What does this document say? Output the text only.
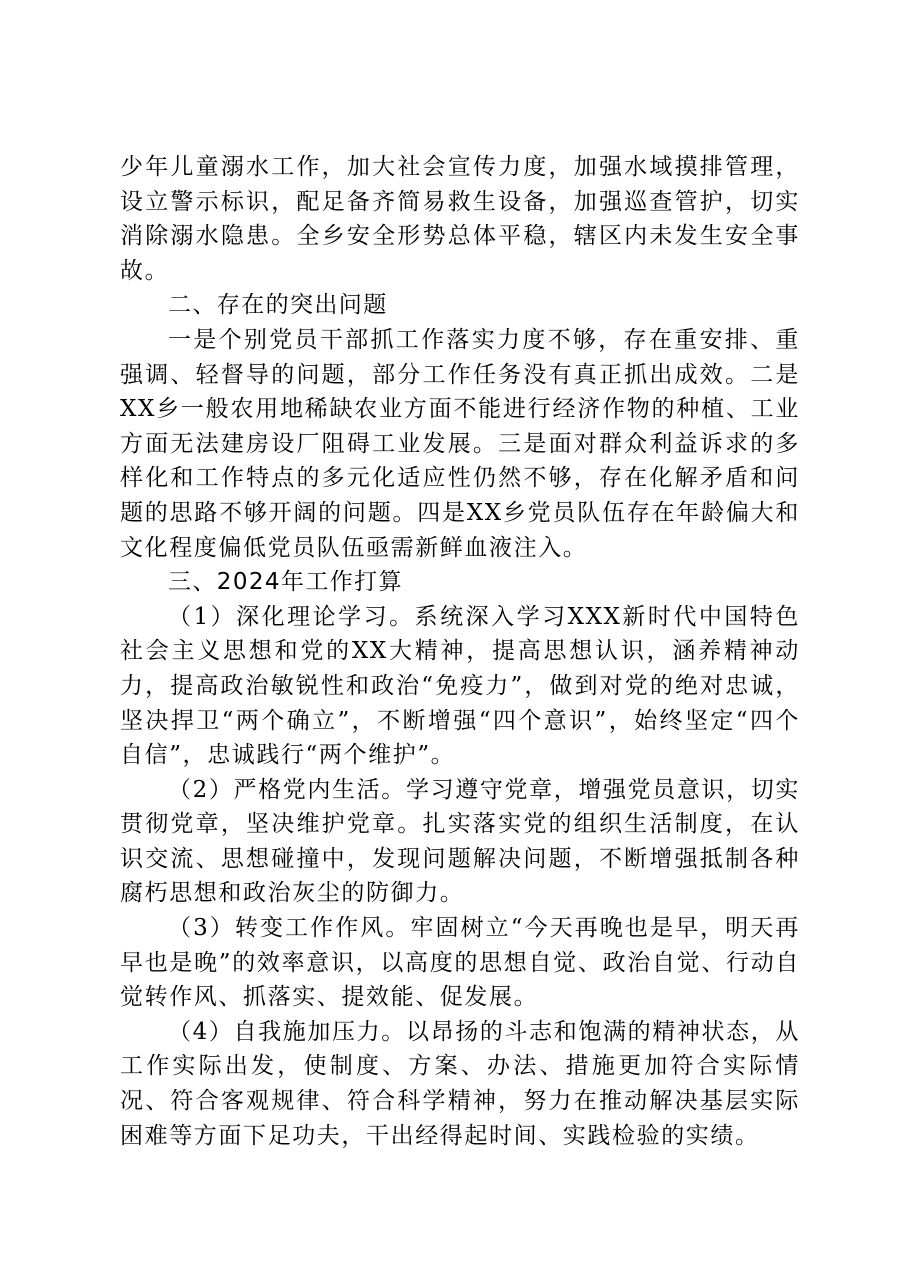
少年儿童溺水工作，加大社会宣传力度，加强水域摸排管理，设立警示标识，配足备齐简易救生设备，加强巡查管护，切实消除溺水隐患。全乡安全形势总体平稳，辖区内未发生安全事故。

二、存在的突出问题

一是个别党员干部抓工作落实力度不够，存在重安排、重强调、轻督导的问题，部分工作任务没有真正抓出成效。二是XX乡一般农用地稀缺农业方面不能进行经济作物的种植、工业方面无法建房设厂阻碍工业发展。三是面对群众利益诉求的多样化和工作特点的多元化适应性仍然不够，存在化解矛盾和问题的思路不够开阔的问题。四是XX乡党员队伍存在年龄偏大和文化程度偏低党员队伍亟需新鲜血液注入。

三、2024年工作打算

（1）深化理论学习。系统深入学习XXX新时代中国特色社会主义思想和党的XX大精神，提高思想认识，涵养精神动力，提高政治敏锐性和政治“免疫力”，做到对党的绝对忠诚，坚决捍卫“两个确立”，不断增强“四个意识”，始终坚定“四个自信”，忠诚践行“两个维护”。

（2）严格党内生活。学习遵守党章，增强党员意识，切实贯彻党章，坚决维护党章。扎实落实党的组织生活制度，在认识交流、思想碰撞中，发现问题解决问题，不断增强抵制各种腐朽思想和政治灰尘的防御力。

（3）转变工作作风。牢固树立“今天再晚也是早，明天再早也是晚”的效率意识，以高度的思想自觉、政治自觉、行动自觉转作风、抓落实、提效能、促发展。

（4）自我施加压力。以昂扬的斗志和饱满的精神状态，从工作实际出发，使制度、方案、办法、措施更加符合实际情况、符合客观规律、符合科学精神，努力在推动解决基层实际困难等方面下足功夫，干出经得起时间、实践检验的实绩。
